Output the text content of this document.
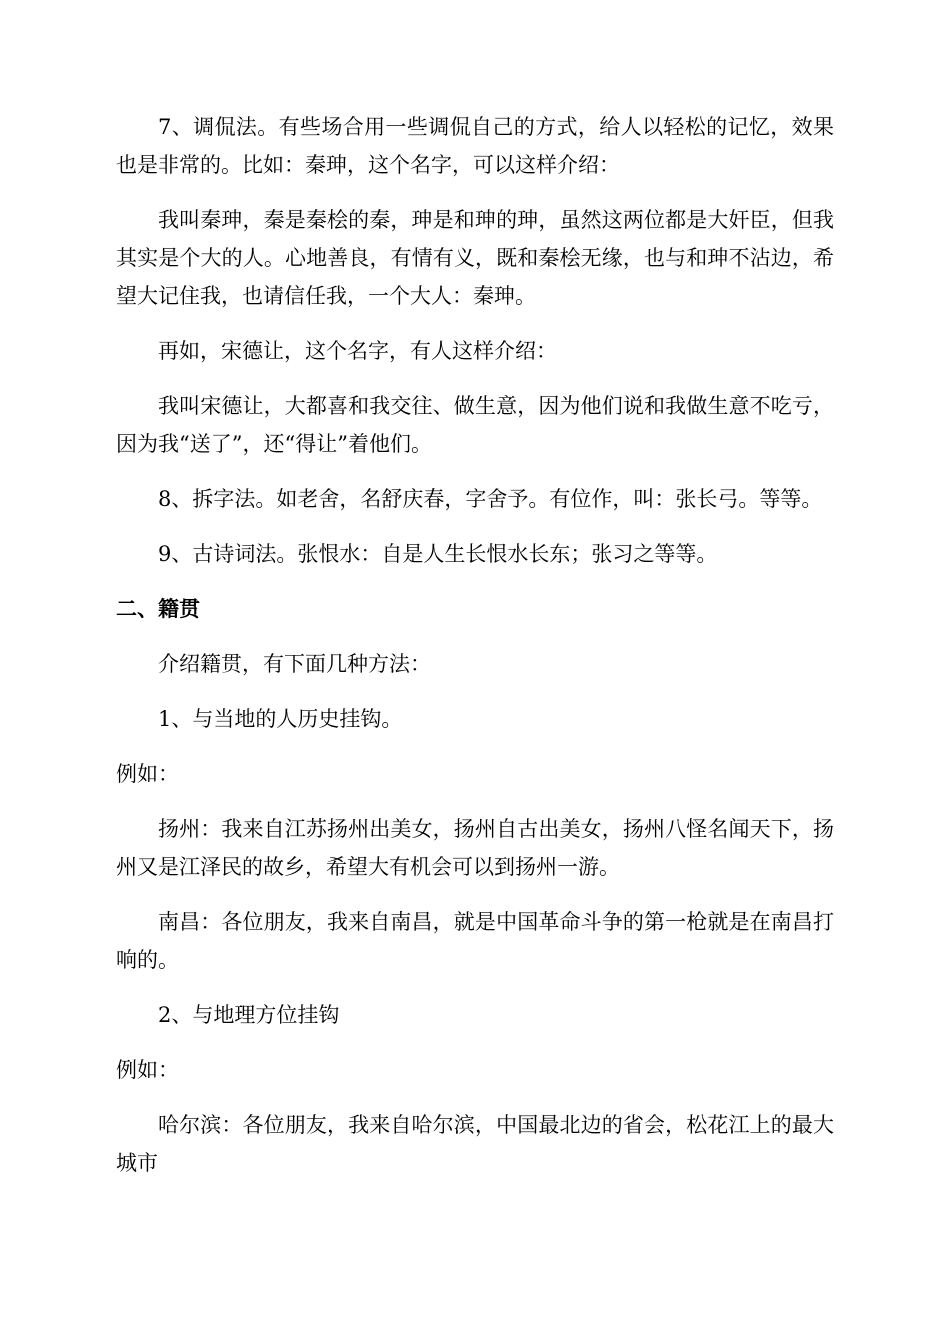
7、调侃法。有些场合用一些调侃自己的方式，给人以轻松的记忆，效果也是非常的。比如：秦珅，这个名字，可以这样介绍：

我叫秦珅，秦是秦桧的秦，珅是和珅的珅，虽然这两位都是大奸臣，但我其实是个大的人。心地善良，有情有义，既和秦桧无缘，也与和珅不沾边，希望大记住我，也请信任我，一个大人：秦珅。

再如，宋德让，这个名字，有人这样介绍：

我叫宋德让，大都喜和我交往、做生意，因为他们说和我做生意不吃亏，因为我“送了”，还“得让”着他们。

8、拆字法。如老舍，名舒庆春，字舍予。有位作，叫：张长弓。等等。

9、古诗词法。张恨水：自是人生长恨水长东；张习之等等。

二、籍贯

介绍籍贯，有下面几种方法：

1、与当地的人历史挂钩。

例如：

扬州：我来自江苏扬州出美女，扬州自古出美女，扬州八怪名闻天下，扬州又是江泽民的故乡，希望大有机会可以到扬州一游。

南昌：各位朋友，我来自南昌，就是中国革命斗争的第一枪就是在南昌打响的。

2、与地理方位挂钩

例如：

哈尔滨：各位朋友，我来自哈尔滨，中国最北边的省会，松花江上的最大城市
